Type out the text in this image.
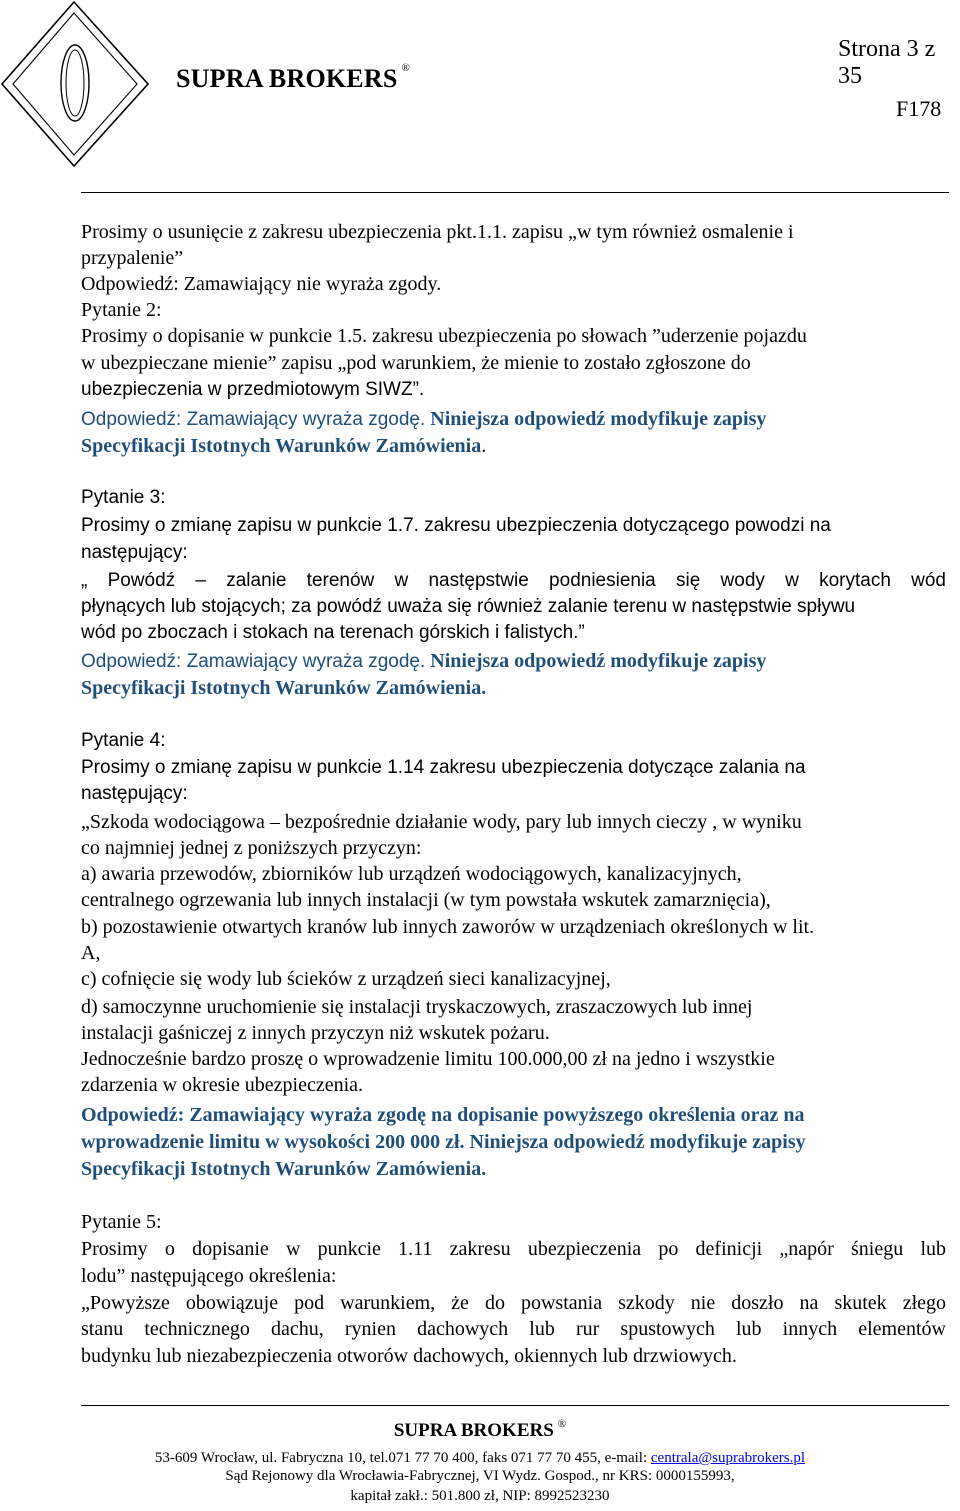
SUPRA BROKERS ®
Strona 3 z 35
F178
Prosimy o usunięcie z zakresu ubezpieczenia pkt.1.1. zapisu „w tym również osmalenie i
przypalenie”
Odpowiedź: Zamawiający nie wyraża zgody.
Pytanie 2:
Prosimy o dopisanie w punkcie 1.5. zakresu ubezpieczenia po słowach ”uderzenie pojazdu
w ubezpieczane mienie” zapisu „pod warunkiem, że mienie to zostało zgłoszone do
ubezpieczenia w przedmiotowym SIWZ”.
Odpowiedź: Zamawiający wyraża zgodę. Niniejsza odpowiedź modyfikuje zapisy
Specyfikacji Istotnych Warunków Zamówienia.
Pytanie 3:
Prosimy o zmianę zapisu w punkcie 1.7. zakresu ubezpieczenia dotyczącego powodzi na
następujący:
„ Powódź – zalanie terenów w następstwie podniesienia się wody w korytach wód
płynących lub stojących; za powódź uważa się również zalanie terenu w następstwie spływu
wód po zboczach i stokach na terenach górskich i falistych.”
Odpowiedź: Zamawiający wyraża zgodę. Niniejsza odpowiedź modyfikuje zapisy
Specyfikacji Istotnych Warunków Zamówienia.
Pytanie 4:
Prosimy o zmianę zapisu w punkcie 1.14 zakresu ubezpieczenia dotyczące zalania na
następujący:
„Szkoda wodociągowa – bezpośrednie działanie wody, pary lub innych cieczy , w wyniku
co najmniej jednej z poniższych przyczyn:
a) awaria przewodów, zbiorników lub urządzeń wodociągowych, kanalizacyjnych,
centralnego ogrzewania lub innych instalacji (w tym powstała wskutek zamarznięcia),
b) pozostawienie otwartych kranów lub innych zaworów w urządzeniach określonych w lit.
A,
c) cofnięcie się wody lub ścieków z urządzeń sieci kanalizacyjnej,
d) samoczynne uruchomienie się instalacji tryskaczowych, zraszaczowych lub innej
instalacji gaśniczej z innych przyczyn niż wskutek pożaru.
Jednocześnie bardzo proszę o wprowadzenie limitu 100.000,00 zł na jedno i wszystkie
zdarzenia w okresie ubezpieczenia.
Odpowiedź: Zamawiający wyraża zgodę na dopisanie powyższego określenia oraz na
wprowadzenie limitu w wysokości 200 000 zł. Niniejsza odpowiedź modyfikuje zapisy
Specyfikacji Istotnych Warunków Zamówienia.
Pytanie 5:
Prosimy o dopisanie w punkcie 1.11 zakresu ubezpieczenia po definicji „napór śniegu lub
lodu” następującego określenia:
„Powyższe obowiązuje pod warunkiem, że do powstania szkody nie doszło na skutek złego
stanu technicznego dachu, rynien dachowych lub rur spustowych lub innych elementów
budynku lub niezabezpieczenia otworów dachowych, okiennych lub drzwiowych.
SUPRA BROKERS ®
53-609 Wrocław, ul. Fabryczna 10, tel.071 77 70 400, faks 071 77 70 455, e-mail: centrala@suprabrokers.pl
Sąd Rejonowy dla Wrocławia-Fabrycznej, VI Wydz. Gospod., nr KRS: 0000155993,
kapitał zakł.: 501.800 zł, NIP: 8992523230
